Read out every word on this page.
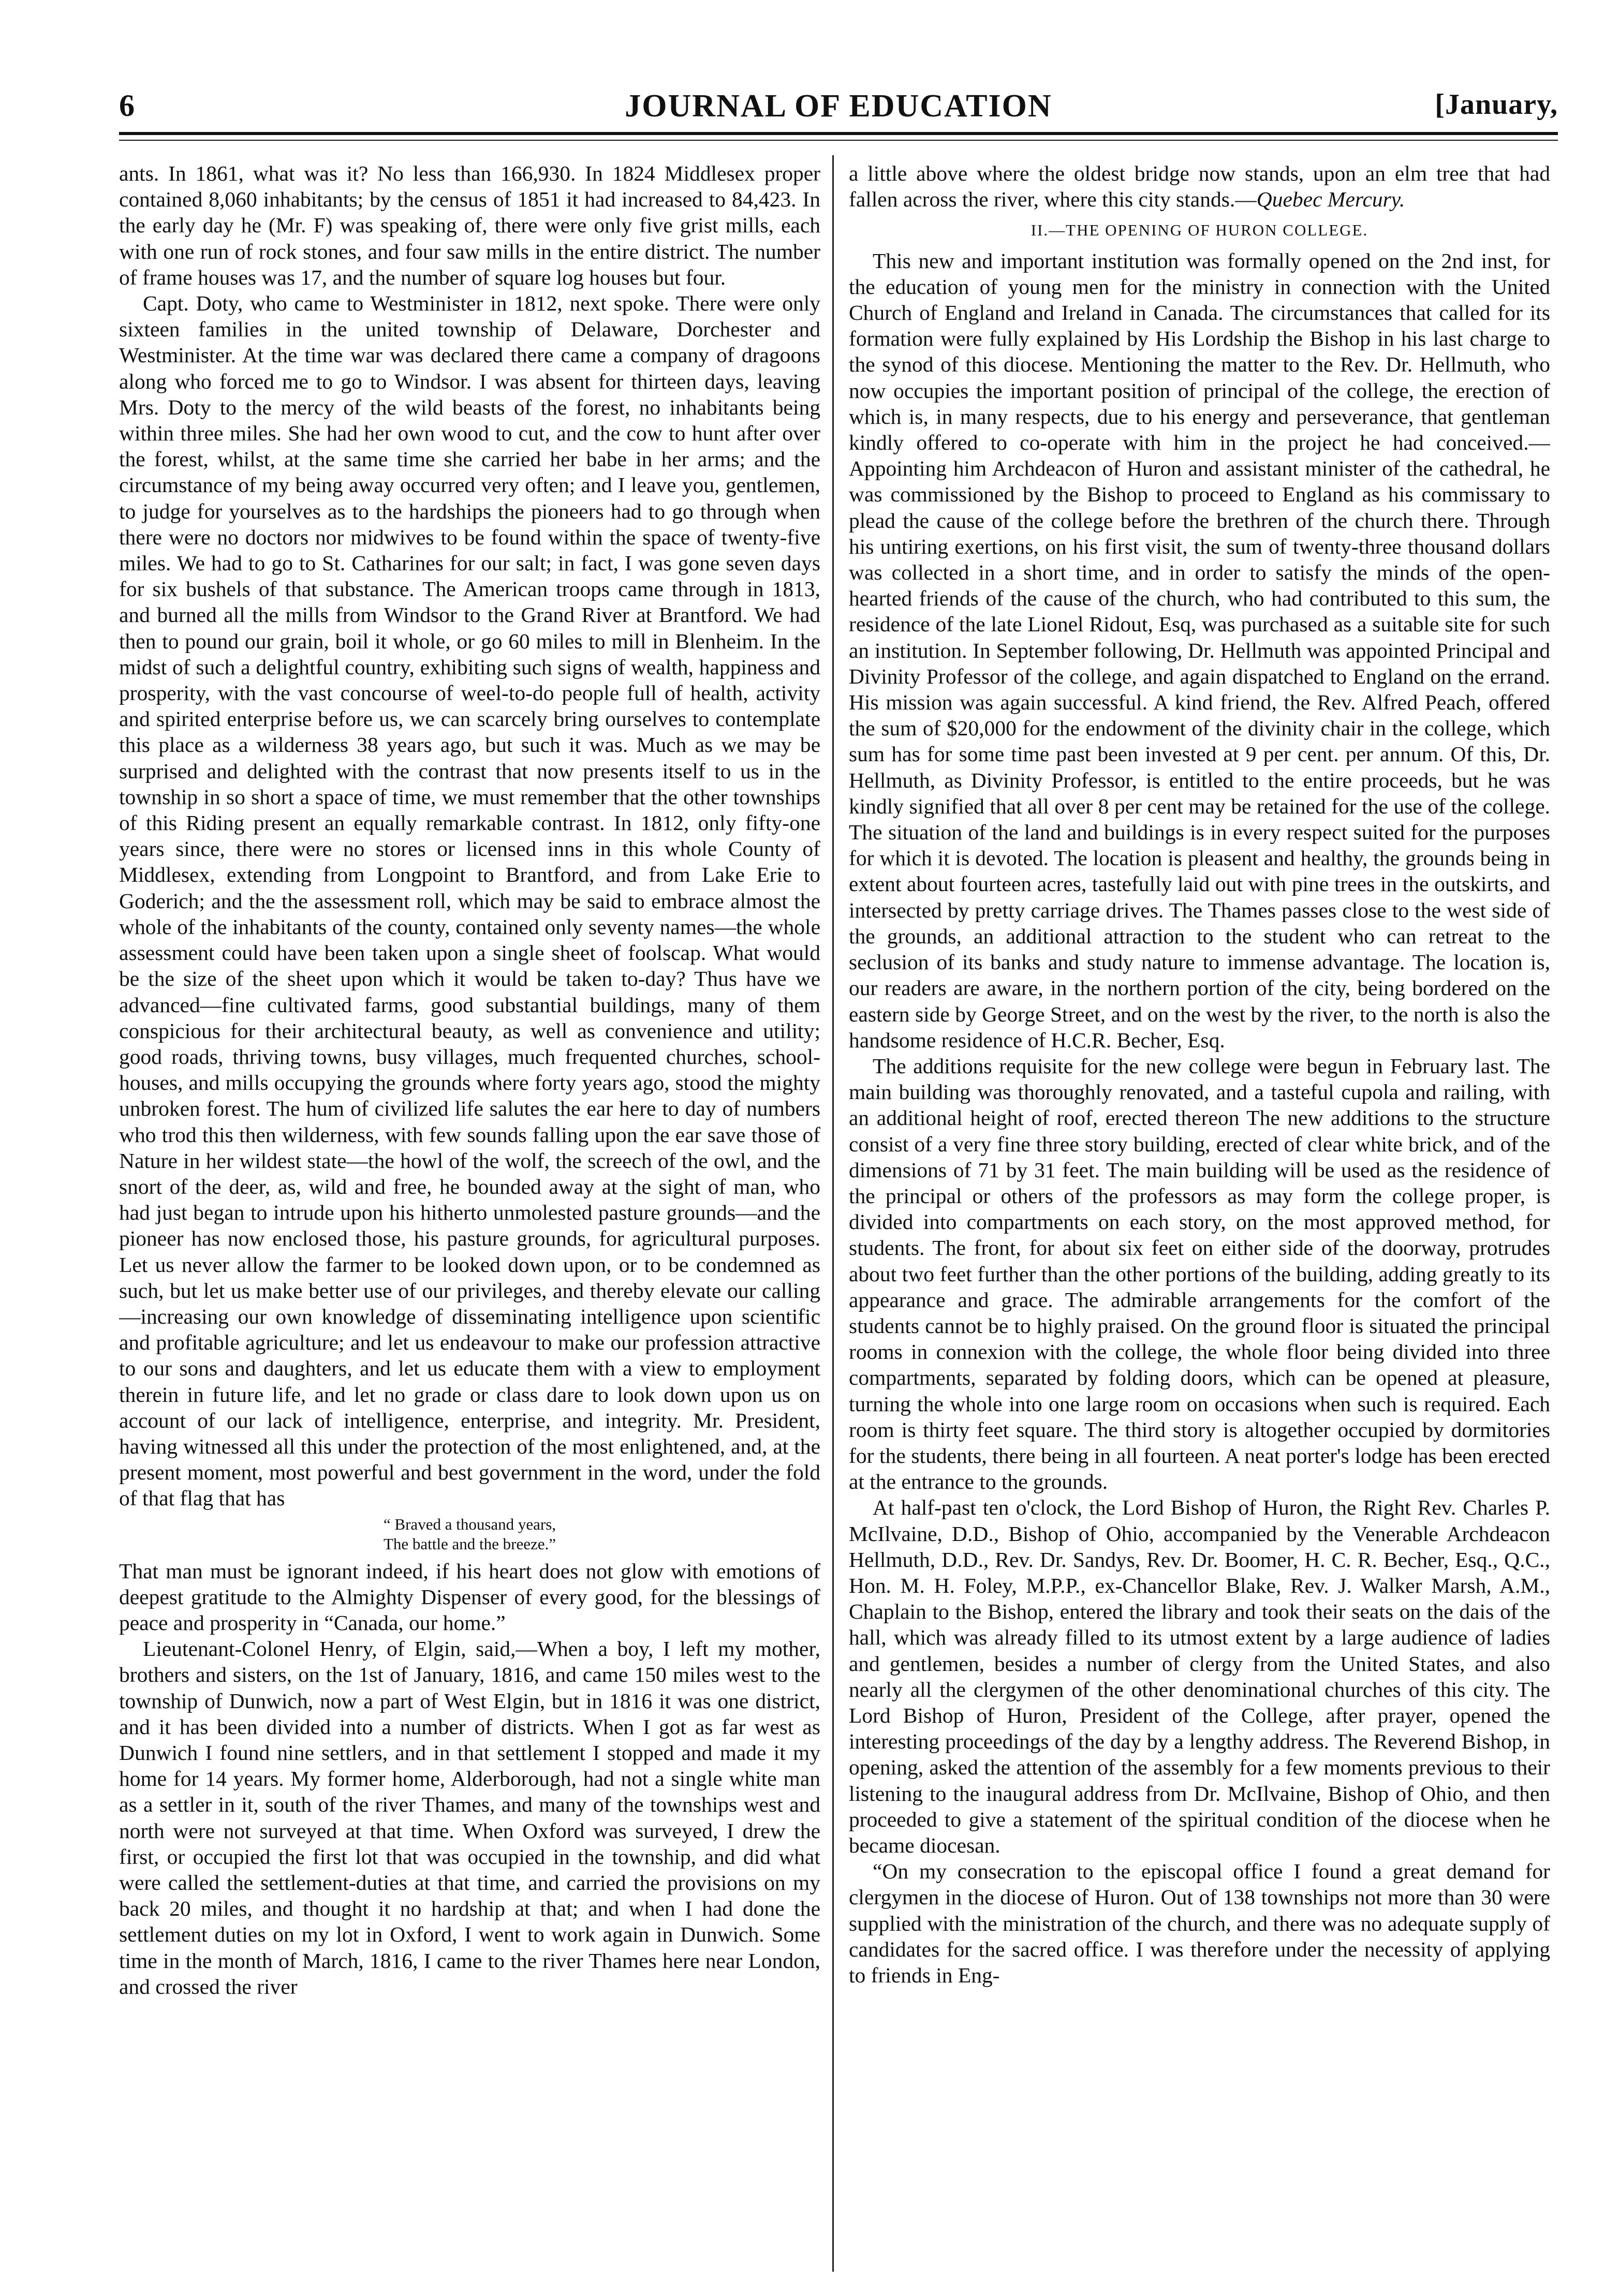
6	JOURNAL OF EDUCATION	[January,

ants. In 1861, what was it? No less than 166,930. In 1824 Middlesex proper contained 8,060 inhabitants; by the census of 1851 it had increased to 84,423. In the early day he (Mr. F) was speaking of, there were only five grist mills, each with one run of rock stones, and four saw mills in the entire district. The number of frame houses was 17, and the number of square log houses but four.

Capt. Doty, who came to Westminister in 1812, next spoke. There were only sixteen families in the united township of Delaware, Dorchester and Westminister. At the time war was declared there came a company of dragoons along who forced me to go to Windsor. I was absent for thirteen days, leaving Mrs. Doty to the mercy of the wild beasts of the forest, no inhabitants being within three miles. She had her own wood to cut, and the cow to hunt after over the forest, whilst, at the same time she carried her babe in her arms; and the circumstance of my being away occurred very often; and I leave you, gentlemen, to judge for yourselves as to the hardships the pioneers had to go through when there were no doctors nor midwives to be found within the space of twenty-five miles. We had to go to St. Catharines for our salt; in fact, I was gone seven days for six bushels of that substance. The American troops came through in 1813, and burned all the mills from Windsor to the Grand River at Brantford. We had then to pound our grain, boil it whole, or go 60 miles to mill in Blenheim. In the midst of such a delightful country, exhibiting such signs of wealth, happiness and prosperity, with the vast concourse of weel-to-do people full of health, activity and spirited enterprise before us, we can scarcely bring ourselves to contemplate this place as a wilderness 38 years ago, but such it was. Much as we may be surprised and delighted with the contrast that now presents itself to us in the township in so short a space of time, we must remember that the other townships of this Riding present an equally remarkable contrast. In 1812, only fifty-one years since, there were no stores or licensed inns in this whole County of Middlesex, extending from Longpoint to Brantford, and from Lake Erie to Goderich; and the the assessment roll, which may be said to embrace almost the whole of the inhabitants of the county, contained only seventy names—the whole assessment could have been taken upon a single sheet of foolscap. What would be the size of the sheet upon which it would be taken to-day? Thus have we advanced—fine cultivated farms, good substantial buildings, many of them conspicious for their architectural beauty, as well as convenience and utility; good roads, thriving towns, busy villages, much frequented churches, school-houses, and mills occupying the grounds where forty years ago, stood the mighty unbroken forest. The hum of civilized life salutes the ear here to day of numbers who trod this then wilderness, with few sounds falling upon the ear save those of Nature in her wildest state—the howl of the wolf, the screech of the owl, and the snort of the deer, as, wild and free, he bounded away at the sight of man, who had just began to intrude upon his hitherto unmolested pasture grounds—and the pioneer has now enclosed those, his pasture grounds, for agricultural purposes. Let us never allow the farmer to be looked down upon, or to be condemned as such, but let us make better use of our privileges, and thereby elevate our calling—increasing our own knowledge of disseminating intelligence upon scientific and profitable agriculture; and let us endeavour to make our profession attractive to our sons and daughters, and let us educate them with a view to employment therein in future life, and let no grade or class dare to look down upon us on account of our lack of intelligence, enterprise, and integrity. Mr. President, having witnessed all this under the protection of the most enlightened, and, at the present moment, most powerful and best government in the word, under the fold of that flag that has

“ Braved a thousand years,
The battle and the breeze.”

That man must be ignorant indeed, if his heart does not glow with emotions of deepest gratitude to the Almighty Dispenser of every good, for the blessings of peace and prosperity in “Canada, our home.”

Lieutenant-Colonel Henry, of Elgin, said,—When a boy, I left my mother, brothers and sisters, on the 1st of January, 1816, and came 150 miles west to the township of Dunwich, now a part of West Elgin, but in 1816 it was one district, and it has been divided into a number of districts. When I got as far west as Dunwich I found nine settlers, and in that settlement I stopped and made it my home for 14 years. My former home, Alderborough, had not a single white man as a settler in it, south of the river Thames, and many of the townships west and north were not surveyed at that time. When Oxford was surveyed, I drew the first, or occupied the first lot that was occupied in the township, and did what were called the settlement-duties at that time, and carried the provisions on my back 20 miles, and thought it no hardship at that; and when I had done the settlement duties on my lot in Oxford, I went to work again in Dunwich. Some time in the month of March, 1816, I came to the river Thames here near London, and crossed the river

a little above where the oldest bridge now stands, upon an elm tree that had fallen across the river, where this city stands.—Quebec Mercury.

II.—THE OPENING OF HURON COLLEGE.

This new and important institution was formally opened on the 2nd inst, for the education of young men for the ministry in connection with the United Church of England and Ireland in Canada. The circumstances that called for its formation were fully explained by His Lordship the Bishop in his last charge to the synod of this diocese. Mentioning the matter to the Rev. Dr. Hellmuth, who now occupies the important position of principal of the college, the erection of which is, in many respects, due to his energy and perseverance, that gentleman kindly offered to co-operate with him in the project he had conceived.—Appointing him Archdeacon of Huron and assistant minister of the cathedral, he was commissioned by the Bishop to proceed to England as his commissary to plead the cause of the college before the brethren of the church there. Through his untiring exertions, on his first visit, the sum of twenty-three thousand dollars was collected in a short time, and in order to satisfy the minds of the open-hearted friends of the cause of the church, who had contributed to this sum, the residence of the late Lionel Ridout, Esq, was purchased as a suitable site for such an institution. In September following, Dr. Hellmuth was appointed Principal and Divinity Professor of the college, and again dispatched to England on the errand. His mission was again successful. A kind friend, the Rev. Alfred Peach, offered the sum of $20,000 for the endowment of the divinity chair in the college, which sum has for some time past been invested at 9 per cent. per annum. Of this, Dr. Hellmuth, as Divinity Professor, is entitled to the entire proceeds, but he was kindly signified that all over 8 per cent may be retained for the use of the college. The situation of the land and buildings is in every respect suited for the purposes for which it is devoted. The location is pleasent and healthy, the grounds being in extent about fourteen acres, tastefully laid out with pine trees in the outskirts, and intersected by pretty carriage drives. The Thames passes close to the west side of the grounds, an additional attraction to the student who can retreat to the seclusion of its banks and study nature to immense advantage. The location is, our readers are aware, in the northern portion of the city, being bordered on the eastern side by George Street, and on the west by the river, to the north is also the handsome residence of H.C.R. Becher, Esq.

The additions requisite for the new college were begun in February last. The main building was thoroughly renovated, and a tasteful cupola and railing, with an additional height of roof, erected thereon The new additions to the structure consist of a very fine three story building, erected of clear white brick, and of the dimensions of 71 by 31 feet. The main building will be used as the residence of the principal or others of the professors as may form the college proper, is divided into compartments on each story, on the most approved method, for students. The front, for about six feet on either side of the doorway, protrudes about two feet further than the other portions of the building, adding greatly to its appearance and grace. The admirable arrangements for the comfort of the students cannot be to highly praised. On the ground floor is situated the principal rooms in connexion with the college, the whole floor being divided into three compartments, separated by folding doors, which can be opened at pleasure, turning the whole into one large room on occasions when such is required. Each room is thirty feet square. The third story is altogether occupied by dormitories for the students, there being in all fourteen. A neat porter's lodge has been erected at the entrance to the grounds.

At half-past ten o'clock, the Lord Bishop of Huron, the Right Rev. Charles P. McIlvaine, D.D., Bishop of Ohio, accompanied by the Venerable Archdeacon Hellmuth, D.D., Rev. Dr. Sandys, Rev. Dr. Boomer, H. C. R. Becher, Esq., Q.C., Hon. M. H. Foley, M.P.P., ex-Chancellor Blake, Rev. J. Walker Marsh, A.M., Chaplain to the Bishop, entered the library and took their seats on the dais of the hall, which was already filled to its utmost extent by a large audience of ladies and gentlemen, besides a number of clergy from the United States, and also nearly all the clergymen of the other denominational churches of this city. The Lord Bishop of Huron, President of the College, after prayer, opened the interesting proceedings of the day by a lengthy address. The Reverend Bishop, in opening, asked the attention of the assembly for a few moments previous to their listening to the inaugural address from Dr. McIlvaine, Bishop of Ohio, and then proceeded to give a statement of the spiritual condition of the diocese when he became diocesan.

“On my consecration to the episcopal office I found a great demand for clergymen in the diocese of Huron. Out of 138 townships not more than 30 were supplied with the ministration of the church, and there was no adequate supply of candidates for the sacred office. I was therefore under the necessity of applying to friends in Eng-
